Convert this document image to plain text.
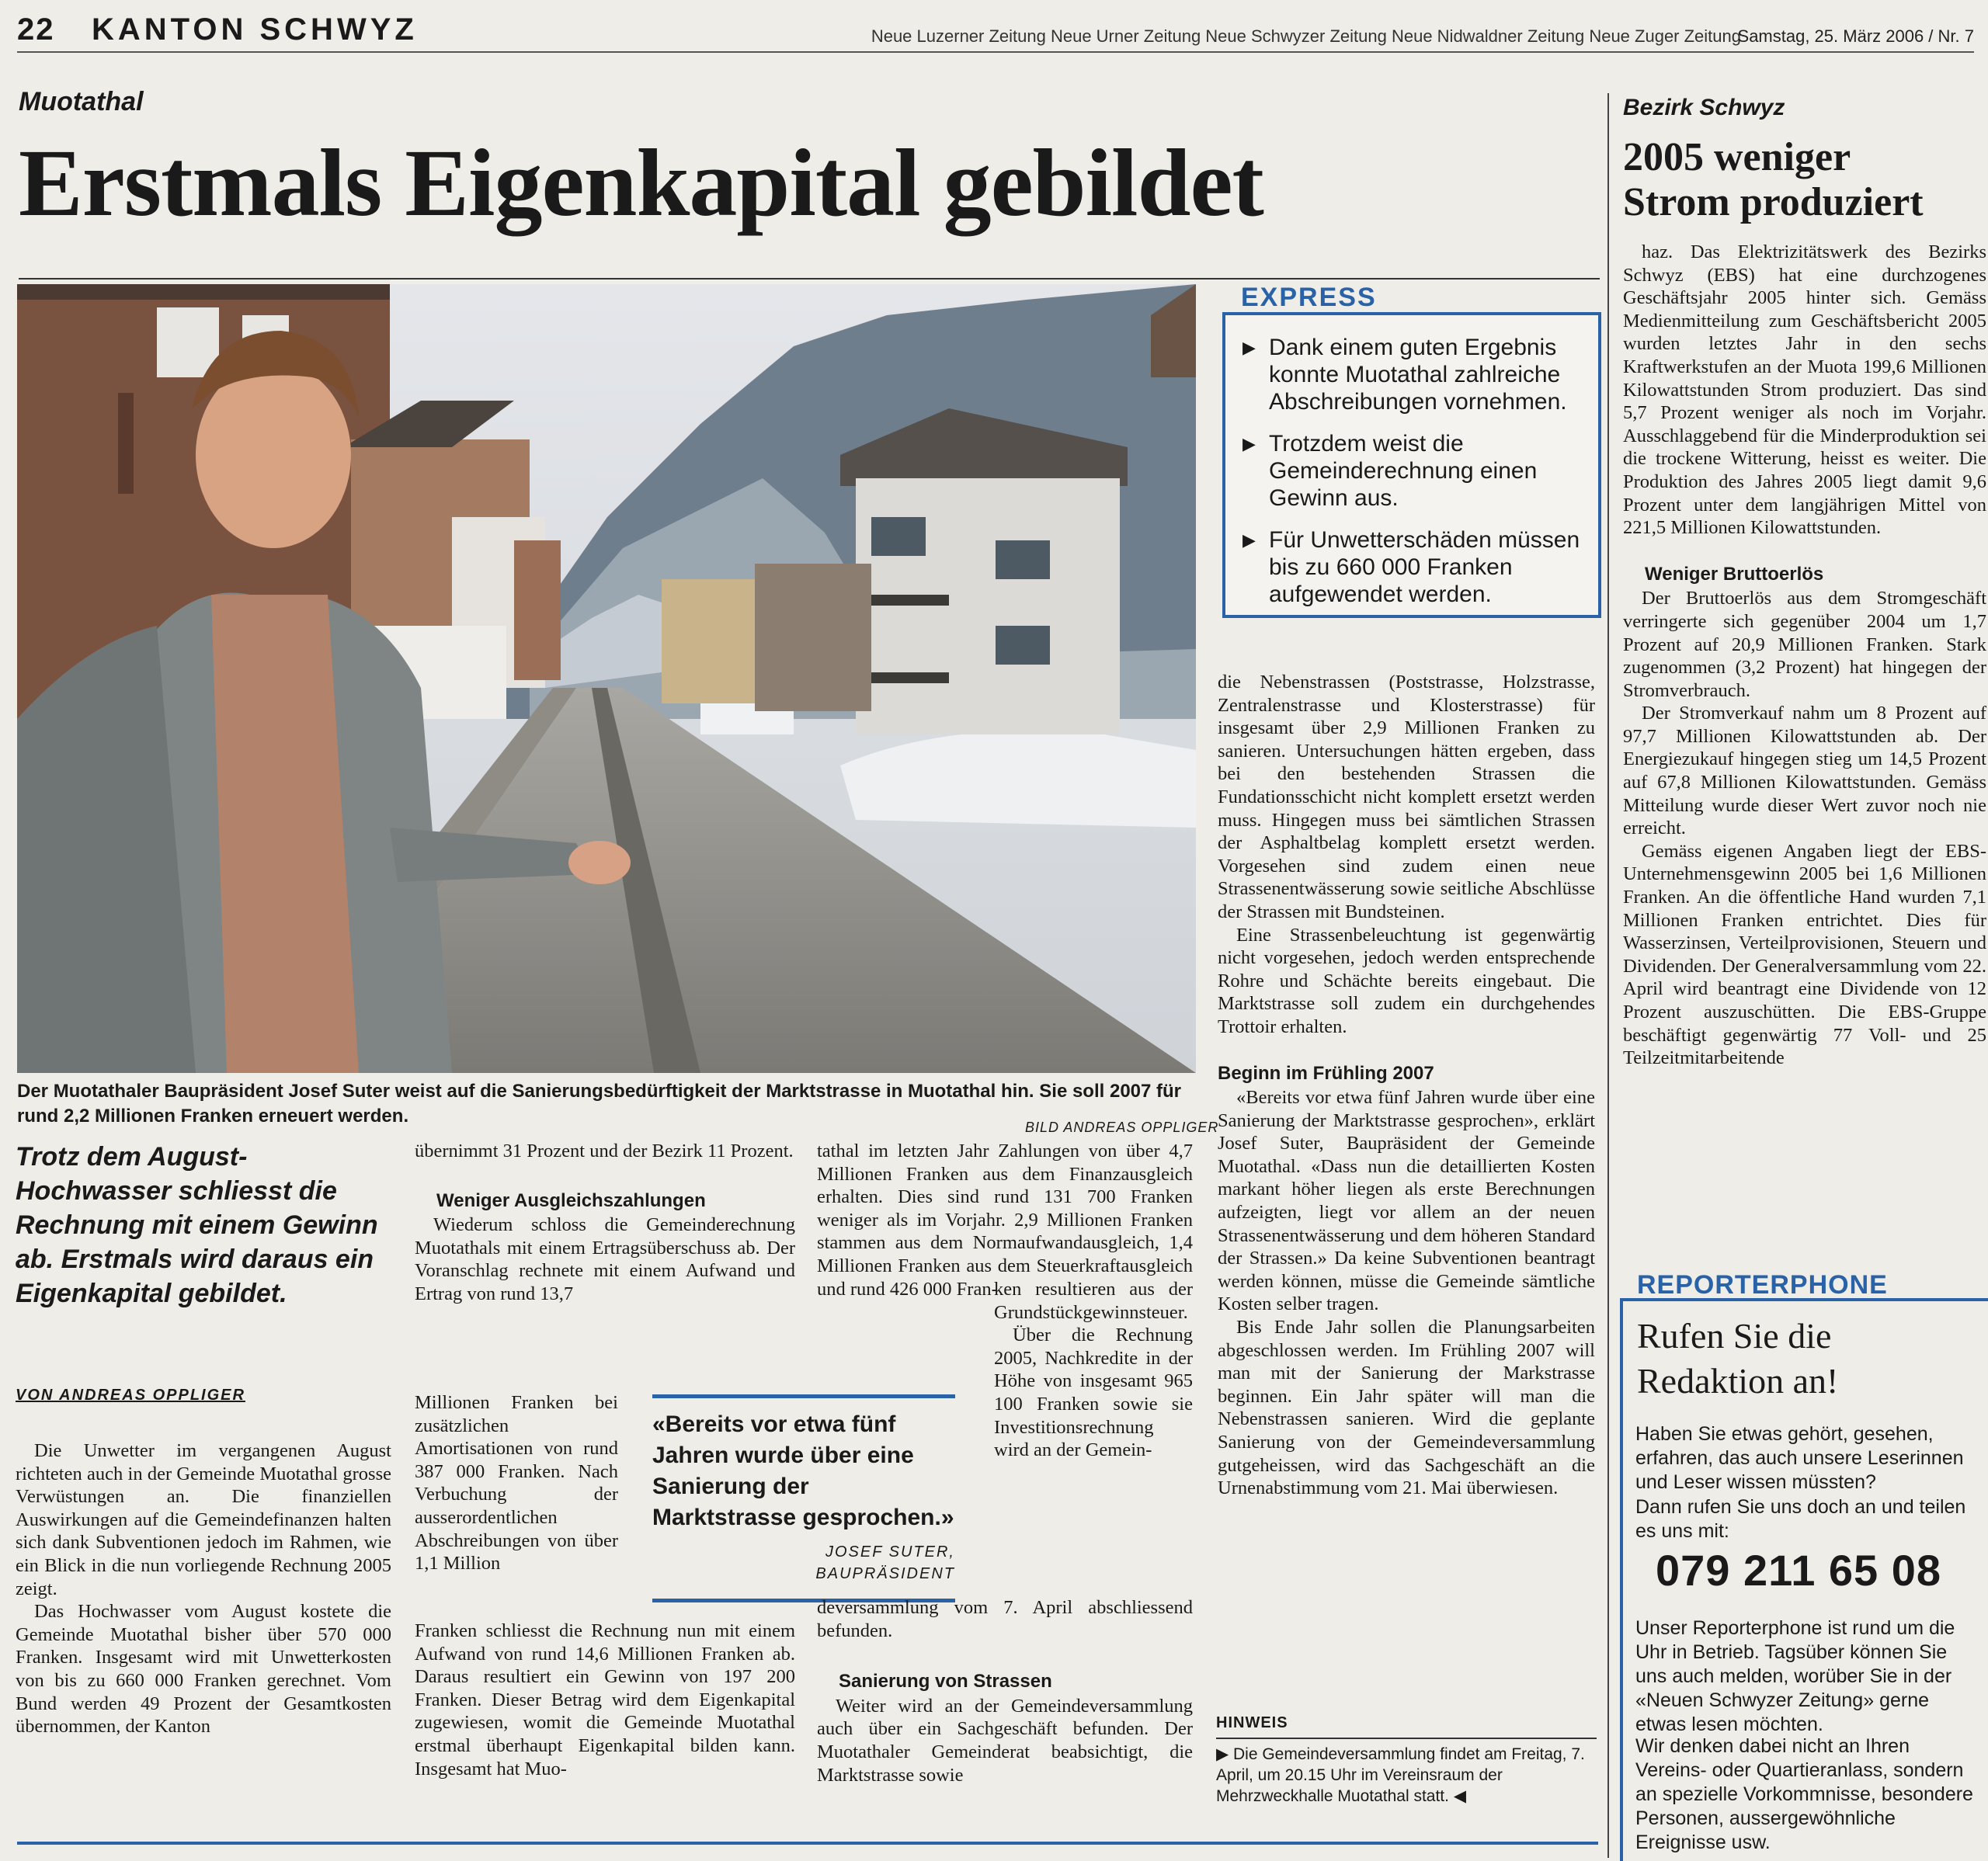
22 KANTON SCHWYZ	Neue Luzerner Zeitung Neue Urner Zeitung Neue Schwyzer Zeitung Neue Nidwaldner Zeitung Neue Zuger Zeitung
Samstag, 25. März 2006 / Nr. 7
Muotathal
Erstmals Eigenkapital gebildet
Der Muotathaler Baupräsident Josef Suter weist auf die Sanierungsbedürftigkeit der Marktstrasse in Muotathal hin. Sie soll 2007 für rund 2,2 Millionen Franken erneuert werden.
BILD ANDREAS OPPLIGER
EXPRESS
▶ Dank einem guten Ergebnis konnte Muotathal zahlreiche Abschreibungen vornehmen.
▶ Trotzdem weist die Gemeinderechnung einen Gewinn aus.
▶ Für Unwetterschäden müssen bis zu 660 000 Franken aufgewendet werden.
Trotz dem August-Hochwasser schliesst die Rechnung mit einem Gewinn ab. Erstmals wird daraus ein Eigenkapital gebildet.
VON ANDREAS OPPLIGER

Die Unwetter im vergangenen August richteten auch in der Gemeinde Muotathal grosse Verwüstungen an. Die finanziellen Auswirkungen auf die Gemeindefinanzen halten sich dank Subventionen jedoch im Rahmen, wie ein Blick in die nun vorliegende Rechnung 2005 zeigt.

Das Hochwasser vom August kostete die Gemeinde Muotathal bisher über 570 000 Franken. Insgesamt wird mit Unwetterkosten von bis zu 660 000 Franken gerechnet. Vom Bund werden 49 Prozent der Gesamtkosten übernommen, der Kanton

übernimmt 31 Prozent und der Bezirk 11 Prozent.

Weniger Ausgleichszahlungen

Wiederum schloss die Gemeinderechnung Muotathals mit einem Ertragsüberschuss ab. Der Voranschlag rechnete mit einem Aufwand und Ertrag von rund 13,7

Millionen Franken bei zusätzlichen Amortisationen von rund 387 000 Franken. Nach Verbuchung der ausserordentlichen Abschreibungen von über 1,1 Million

Franken schliesst die Rechnung nun mit einem Aufwand von rund 14,6 Millionen Franken ab. Daraus resultiert ein Gewinn von 197 200 Franken. Dieser Betrag wird dem Eigenkapital zugewiesen, womit die Gemeinde Muotathal erstmal überhaupt Eigenkapital bilden kann. Insgesamt hat Muo-

«Bereits vor etwa fünf Jahren wurde über eine Sanierung der Marktstrasse gesprochen.»
JOSEF SUTER,
BAUPRÄSIDENT

tathal im letzten Jahr Zahlungen von über 4,7 Millionen Franken aus dem Finanzausgleich erhalten. Dies sind rund 131 700 Franken weniger als im Vorjahr. 2,9 Millionen Franken stammen aus dem Normaufwandausgleich, 1,4 Millionen Franken aus dem Steuerkraftausgleich und rund 426 000 Fran-

ken resultieren aus der Grundstückgewinnsteuer.

Über die Rechnung 2005, Nachkredite in der Höhe von insgesamt 965 100 Franken sowie sie Investitionsrechnung wird an der Gemein-

deversammlung vom 7. April abschliessend befunden.

Sanierung von Strassen

Weiter wird an der Gemeindeversammlung auch über ein Sachgeschäft befunden. Der Muotathaler Gemeinderat beabsichtigt, die Marktstrasse sowie

die Nebenstrassen (Poststrasse, Holzstrasse, Zentralenstrasse und Klosterstrasse) für insgesamt über 2,9 Millionen Franken zu sanieren. Untersuchungen hätten ergeben, dass bei den bestehenden Strassen die Fundationsschicht nicht komplett ersetzt werden muss. Hingegen muss bei sämtlichen Strassen der Asphaltbelag komplett ersetzt werden. Vorgesehen sind zudem einen neue Strassenentwässerung sowie seitliche Abschlüsse der Strassen mit Bundsteinen.

Eine Strassenbeleuchtung ist gegenwärtig nicht vorgesehen, jedoch werden entsprechende Rohre und Schächte bereits eingebaut. Die Marktstrasse soll zudem ein durchgehendes Trottoir erhalten.

Beginn im Frühling 2007

«Bereits vor etwa fünf Jahren wurde über eine Sanierung der Marktstrasse gesprochen», erklärt Josef Suter, Baupräsident der Gemeinde Muotathal. «Dass nun die detaillierten Kosten markant höher liegen als erste Berechnungen aufzeigten, liegt vor allem an der neuen Strassenentwässerung und dem höheren Standard der Strassen.» Da keine Subventionen beantragt werden können, müsse die Gemeinde sämtliche Kosten selber tragen.

Bis Ende Jahr sollen die Planungsarbeiten abgeschlossen werden. Im Frühling 2007 will man mit der Sanierung der Markstrasse beginnen. Ein Jahr später will man die Nebenstrassen sanieren. Wird die geplante Sanierung von der Gemeindeversammlung gutgeheissen, wird das Sachgeschäft an die Urnenabstimmung vom 21. Mai überwiesen.

HINWEIS
▶ Die Gemeindeversammlung findet am Freitag, 7. April, um 20.15 Uhr im Vereinsraum der Mehrzweckhalle Muotathal statt. ◀
Bezirk Schwyz
2005 weniger
Strom produziert

haz. Das Elektrizitätswerk des Bezirks Schwyz (EBS) hat eine durchzogenes Geschäftsjahr 2005 hinter sich. Gemäss Medienmitteilung zum Geschäftsbericht 2005 wurden letztes Jahr in den sechs Kraftwerkstufen an der Muota 199,6 Millionen Kilowattstunden Strom produziert. Das sind 5,7 Prozent weniger als noch im Vorjahr. Ausschlaggebend für die Minderproduktion sei die trockene Witterung, heisst es weiter. Die Produktion des Jahres 2005 liegt damit 9,6 Prozent unter dem langjährigen Mittel von 221,5 Millionen Kilowattstunden.

Weniger Bruttoerlös

Der Bruttoerlös aus dem Stromgeschäft verringerte sich gegenüber 2004 um 1,7 Prozent auf 20,9 Millionen Franken. Stark zugenommen (3,2 Prozent) hat hingegen der Stromverbrauch.

Der Stromverkauf nahm um 8 Prozent auf 97,7 Millionen Kilowattstunden ab. Der Energiezukauf hingegen stieg um 14,5 Prozent auf 67,8 Millionen Kilowattstunden. Gemäss Mitteilung wurde dieser Wert zuvor noch nie erreicht.

Gemäss eigenen Angaben liegt der EBS-Unternehmensgewinn 2005 bei 1,6 Millionen Franken. An die öffentliche Hand wurden 7,1 Millionen Franken entrichtet. Dies für Wasserzinsen, Verteilprovisionen, Steuern und Dividenden. Der Generalversammlung vom 22. April wird beantragt eine Dividende von 12 Prozent auszuschütten. Die EBS-Gruppe beschäftigt gegenwärtig 77 Voll- und 25 Teilzeitmitarbeitende

REPORTERPHONE
Rufen Sie die
Redaktion an!
Haben Sie etwas gehört, gesehen, erfahren, das auch unsere Leserinnen und Leser wissen müssten?
Dann rufen Sie uns doch an und teilen es uns mit:
079 211 65 08
Unser Reporterphone ist rund um die Uhr in Betrieb. Tagsüber können Sie uns auch melden, worüber Sie in der «Neuen Schwyzer Zeitung» gerne etwas lesen möchten.
Wir denken dabei nicht an Ihren Vereins- oder Quartieranlass, sondern an spezielle Vorkommnisse, besondere Personen, aussergewöhnliche Ereignisse usw.
